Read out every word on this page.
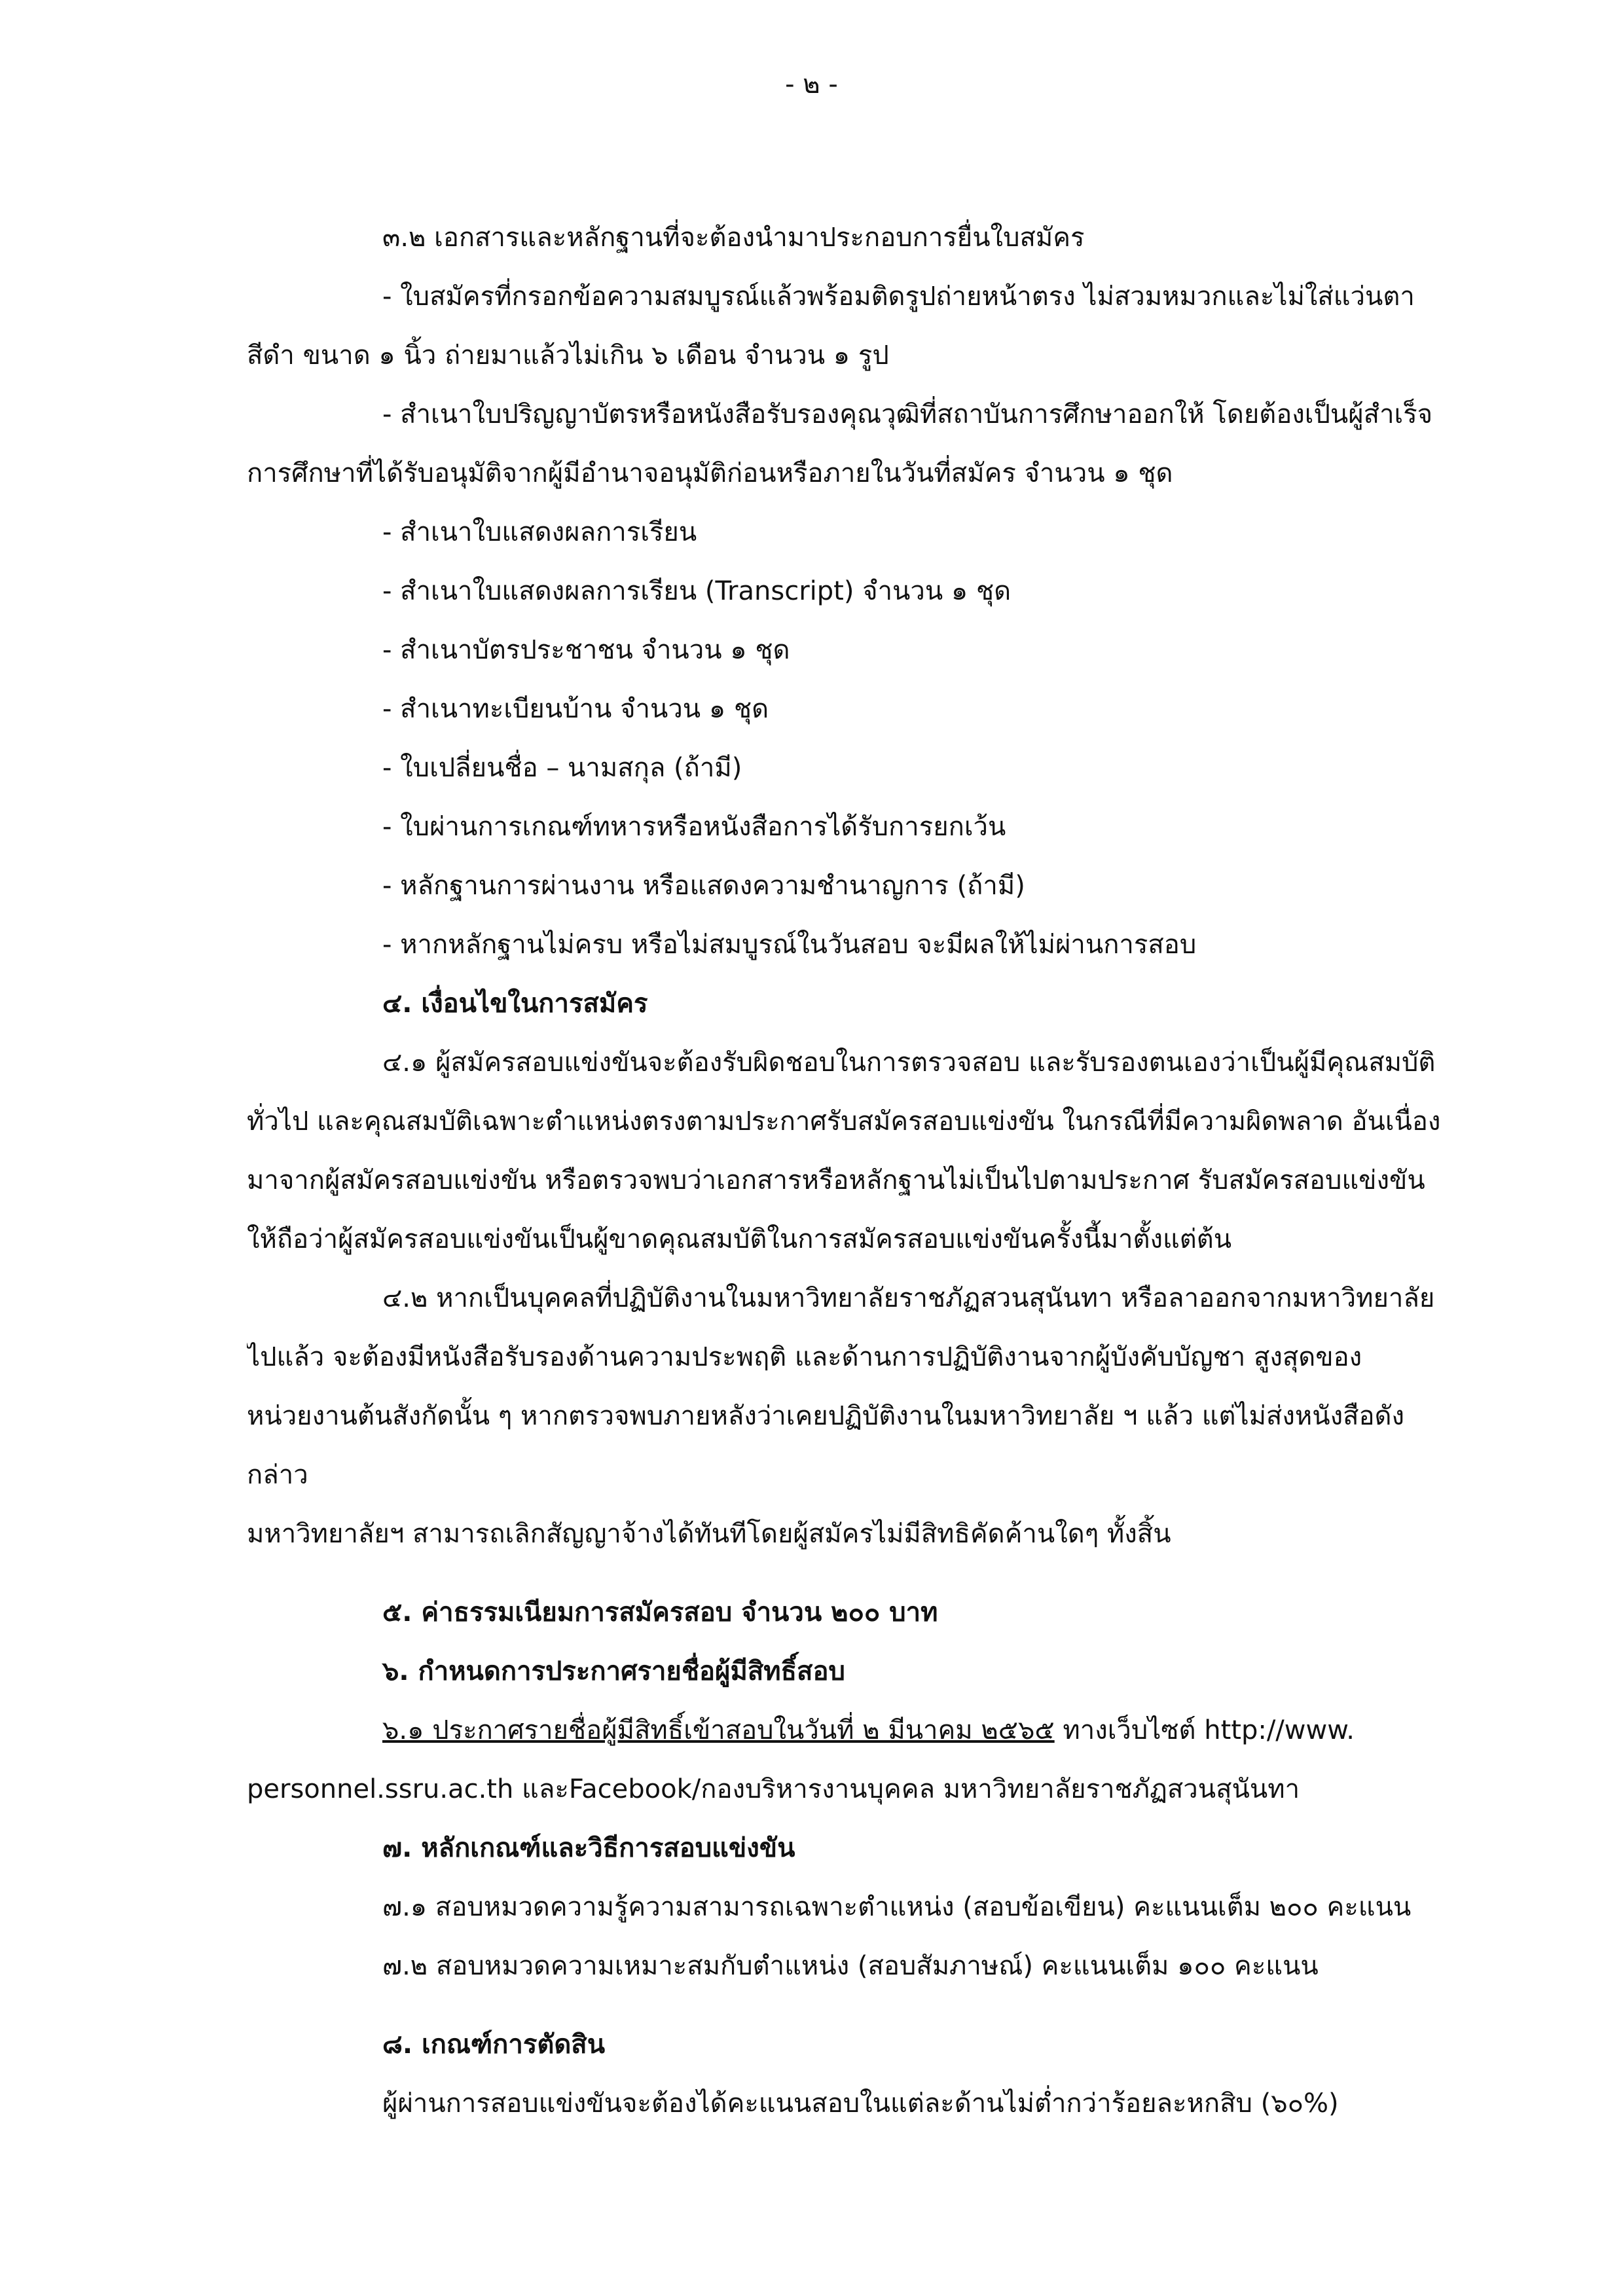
- ๒ -

๓.๒ เอกสารและหลักฐานที่จะต้องนำมาประกอบการยื่นใบสมัคร

- ใบสมัครที่กรอกข้อความสมบูรณ์แล้วพร้อมติดรูปถ่ายหน้าตรง ไม่สวมหมวกและไม่ใส่แว่นตา

สีดำ ขนาด ๑ นิ้ว ถ่ายมาแล้วไม่เกิน ๖ เดือน จำนวน ๑ รูป

- สำเนาใบปริญญาบัตรหรือหนังสือรับรองคุณวุฒิที่สถาบันการศึกษาออกให้ โดยต้องเป็นผู้สำเร็จ

การศึกษาที่ได้รับอนุมัติจากผู้มีอำนาจอนุมัติก่อนหรือภายในวันที่สมัคร จำนวน ๑ ชุด

- สำเนาใบแสดงผลการเรียน

- สำเนาใบแสดงผลการเรียน (Transcript) จำนวน ๑ ชุด

- สำเนาบัตรประชาชน จำนวน ๑ ชุด

- สำเนาทะเบียนบ้าน จำนวน ๑ ชุด

- ใบเปลี่ยนชื่อ – นามสกุล (ถ้ามี)

- ใบผ่านการเกณฑ์ทหารหรือหนังสือการได้รับการยกเว้น

- หลักฐานการผ่านงาน หรือแสดงความชำนาญการ (ถ้ามี)

- หากหลักฐานไม่ครบ หรือไม่สมบูรณ์ในวันสอบ จะมีผลให้ไม่ผ่านการสอบ

๔. เงื่อนไขในการสมัคร

๔.๑ ผู้สมัครสอบแข่งขันจะต้องรับผิดชอบในการตรวจสอบ และรับรองตนเองว่าเป็นผู้มีคุณสมบัติ

ทั่วไป และคุณสมบัติเฉพาะตำแหน่งตรงตามประกาศรับสมัครสอบแข่งขัน ในกรณีที่มีความผิดพลาด อันเนื่อง

มาจากผู้สมัครสอบแข่งขัน หรือตรวจพบว่าเอกสารหรือหลักฐานไม่เป็นไปตามประกาศ รับสมัครสอบแข่งขัน

ให้ถือว่าผู้สมัครสอบแข่งขันเป็นผู้ขาดคุณสมบัติในการสมัครสอบแข่งขันครั้งนี้มาตั้งแต่ต้น

๔.๒ หากเป็นบุคคลที่ปฏิบัติงานในมหาวิทยาลัยราชภัฏสวนสุนันทา หรือลาออกจากมหาวิทยาลัย

ไปแล้ว จะต้องมีหนังสือรับรองด้านความประพฤติ และด้านการปฏิบัติงานจากผู้บังคับบัญชา สูงสุดของ

หน่วยงานต้นสังกัดนั้น ๆ หากตรวจพบภายหลังว่าเคยปฏิบัติงานในมหาวิทยาลัย ฯ แล้ว แต่ไม่ส่งหนังสือดัง

กล่าว

มหาวิทยาลัยฯ สามารถเลิกสัญญาจ้างได้ทันทีโดยผู้สมัครไม่มีสิทธิคัดค้านใดๆ ทั้งสิ้น

๕. ค่าธรรมเนียมการสมัครสอบ จำนวน ๒๐๐ บาท

๖. กำหนดการประกาศรายชื่อผู้มีสิทธิ์สอบ

๖.๑ ประกาศรายชื่อผู้มีสิทธิ์เข้าสอบในวันที่ ๒ มีนาคม ๒๕๖๕ ทางเว็บไซต์ http://www.

personnel.ssru.ac.th และFacebook/กองบริหารงานบุคคล มหาวิทยาลัยราชภัฏสวนสุนันทา

๗. หลักเกณฑ์และวิธีการสอบแข่งขัน

๗.๑ สอบหมวดความรู้ความสามารถเฉพาะตำแหน่ง (สอบข้อเขียน) คะแนนเต็ม ๒๐๐ คะแนน

๗.๒ สอบหมวดความเหมาะสมกับตำแหน่ง (สอบสัมภาษณ์) คะแนนเต็ม ๑๐๐ คะแนน

๘. เกณฑ์การตัดสิน

ผู้ผ่านการสอบแข่งขันจะต้องได้คะแนนสอบในแต่ละด้านไม่ต่ำกว่าร้อยละหกสิบ (๖๐%)
